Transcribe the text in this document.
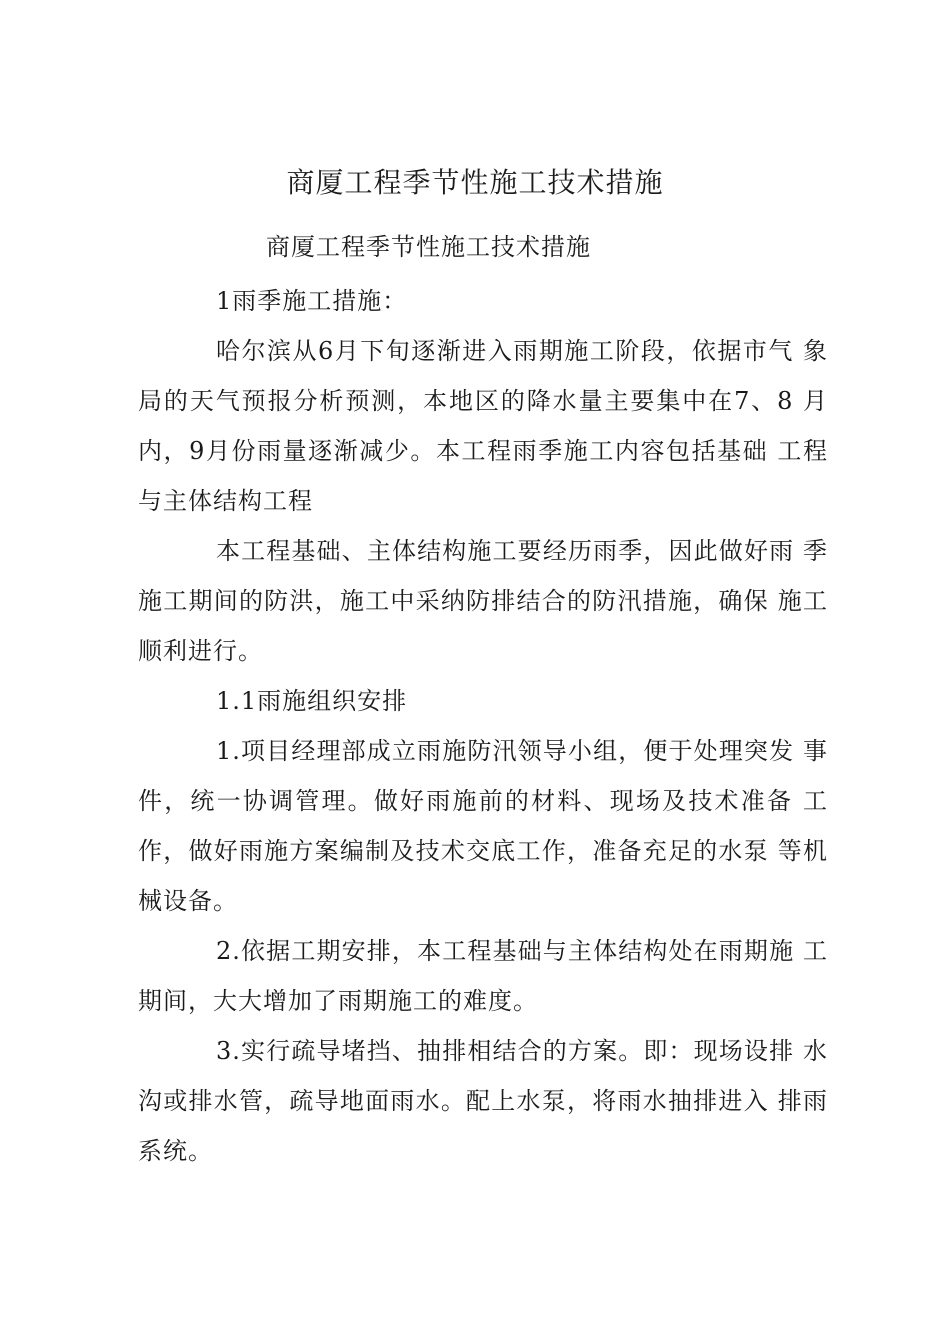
商厦工程季节性施工技术措施
商厦工程季节性施工技术措施

1雨季施工措施：

哈尔滨从6月下旬逐渐进入雨期施工阶段，依据市气 象局的天气预报分析预测，本地区的降水量主要集中在7、8 月内，9月份雨量逐渐减少。本工程雨季施工内容包括基础 工程与主体结构工程

本工程基础、主体结构施工要经历雨季，因此做好雨 季施工期间的防洪，施工中采纳防排结合的防汛措施，确保 施工顺利进行。

1.1雨施组织安排

1.项目经理部成立雨施防汛领导小组，便于处理突发 事件，统一协调管理。做好雨施前的材料、现场及技术准备 工作，做好雨施方案编制及技术交底工作，准备充足的水泵 等机械设备。

2.依据工期安排，本工程基础与主体结构处在雨期施 工期间，大大增加了雨期施工的难度。

3.实行疏导堵挡、抽排相结合的方案。即：现场设排 水沟或排水管，疏导地面雨水。配上水泵，将雨水抽排进入 排雨系统。
